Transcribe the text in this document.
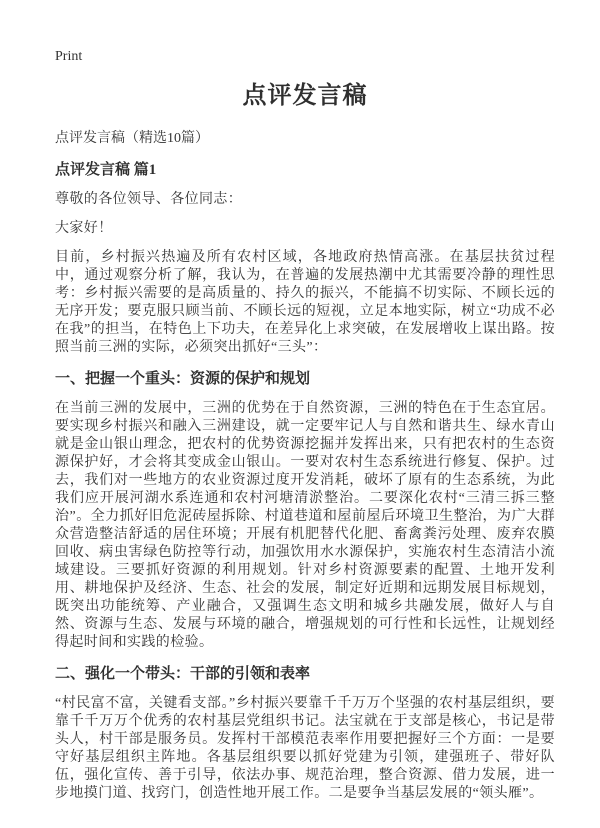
Print
点评发言稿

点评发言稿（精选10篇）

点评发言稿 篇1

尊敬的各位领导、各位同志：

大家好！

目前，乡村振兴热遍及所有农村区域，各地政府热情高涨。在基层扶贫过程中，通过观察分析了解，我认为，在普遍的发展热潮中尤其需要冷静的理性思考：乡村振兴需要的是高质量的、持久的振兴，不能搞不切实际、不顾长远的无序开发；要克服只顾当前、不顾长远的短视，立足本地实际，树立“功成不必在我”的担当，在特色上下功夫，在差异化上求突破，在发展增收上谋出路。按照当前三洲的实际，必须突出抓好“三头”：

一、把握一个重头：资源的保护和规划

在当前三洲的发展中，三洲的优势在于自然资源，三洲的特色在于生态宜居。要实现乡村振兴和融入三洲建设，就一定要牢记人与自然和谐共生、绿水青山就是金山银山理念，把农村的优势资源挖掘并发挥出来，只有把农村的生态资源保护好，才会将其变成金山银山。一要对农村生态系统进行修复、保护。过去，我们对一些地方的农业资源过度开发消耗，破坏了原有的生态系统，为此我们应开展河湖水系连通和农村河塘清淤整治。二要深化农村“三清三拆三整治”。全力抓好旧危泥砖屋拆除、村道巷道和屋前屋后环境卫生整治，为广大群众营造整洁舒适的居住环境；开展有机肥替代化肥、畜禽粪污处理、废弃农膜回收、病虫害绿色防控等行动，加强饮用水水源保护，实施农村生态清洁小流域建设。三要抓好资源的利用规划。针对乡村资源要素的配置、土地开发利用、耕地保护及经济、生态、社会的发展，制定好近期和远期发展目标规划，既突出功能统筹、产业融合，又强调生态文明和城乡共融发展，做好人与自然、资源与生态、发展与环境的融合，增强规划的可行性和长远性，让规划经得起时间和实践的检验。

二、强化一个带头：干部的引领和表率

“村民富不富，关键看支部。”乡村振兴要靠千千万万个坚强的农村基层组织，要靠千千万万个优秀的农村基层党组织书记。法宝就在于支部是核心，书记是带头人，村干部是服务员。发挥村干部模范表率作用要把握好三个方面：一是要守好基层组织主阵地。各基层组织要以抓好党建为引领，建强班子、带好队伍，强化宣传、善于引导，依法办事、规范治理，整合资源、借力发展，进一步地摸门道、找窍门，创造性地开展工作。二是要争当基层发展的“领头雁”。
